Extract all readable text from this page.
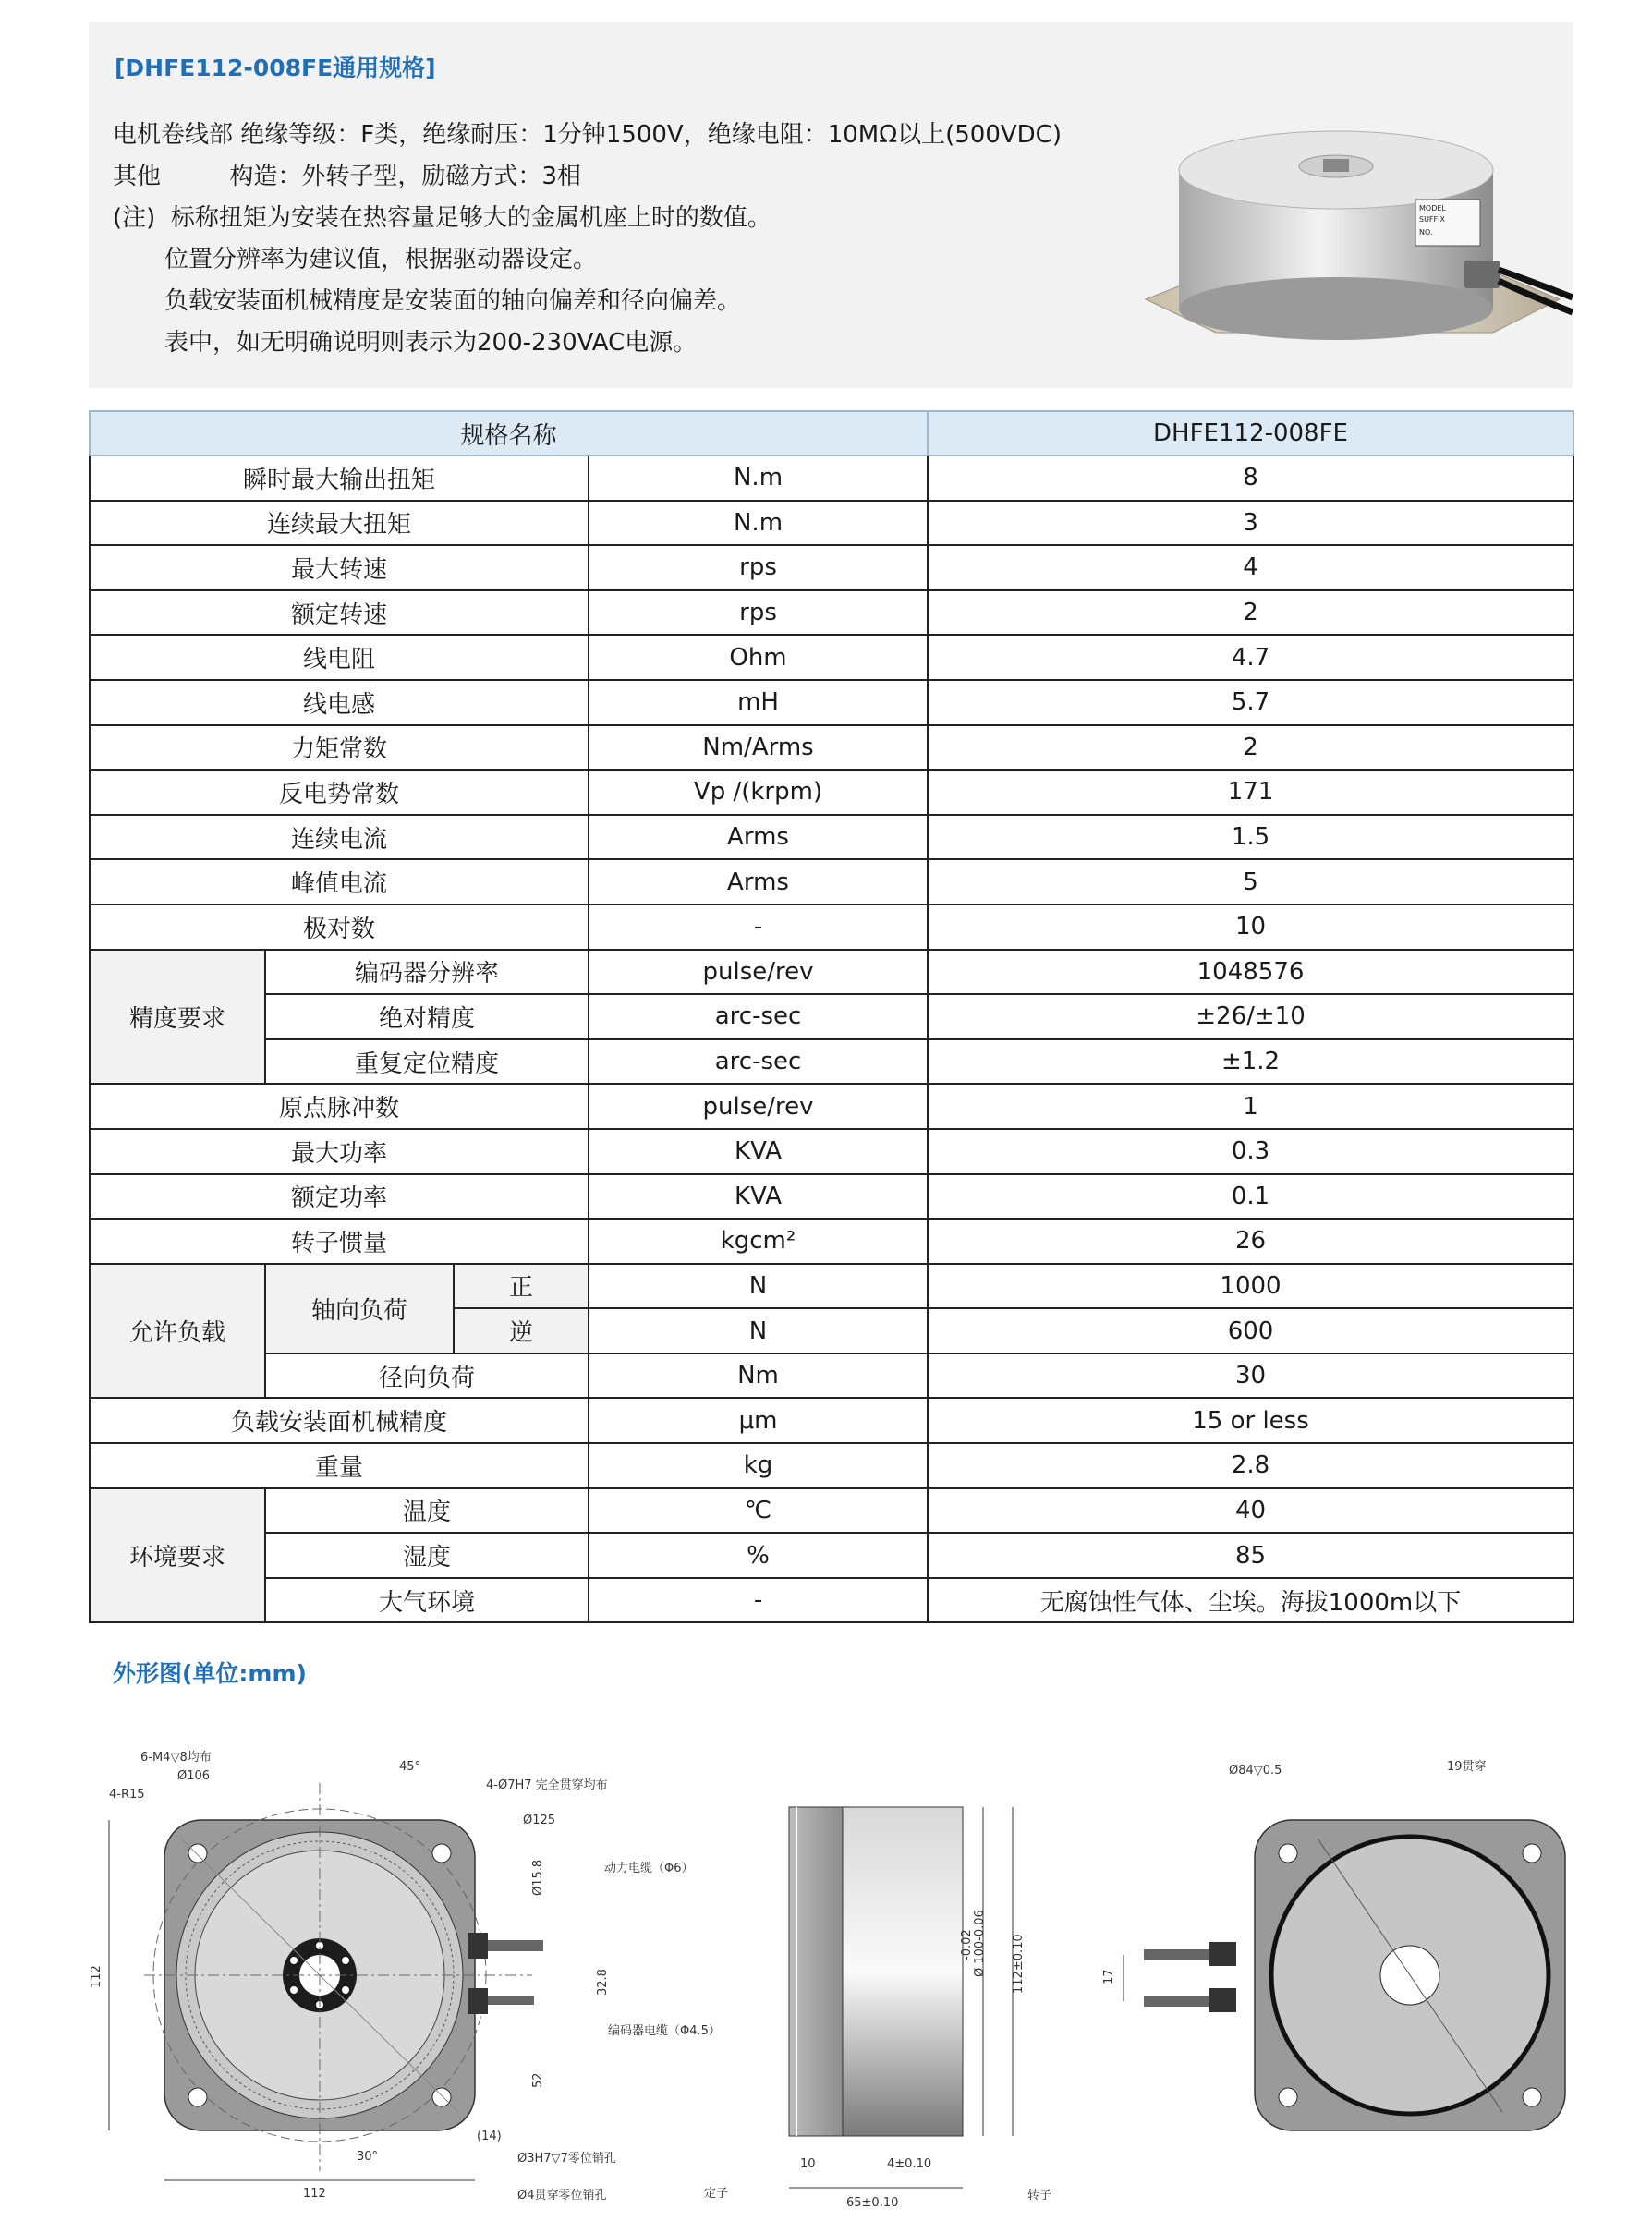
[DHFE112-008FE通用规格]
电机卷线部 绝缘等级：F类，绝缘耐压：1分钟1500V，绝缘电阻：10MΩ以上(500VDC)
其他         构造：外转子型，励磁方式：3相
(注)  标称扭矩为安装在热容量足够大的金属机座上时的数值。
位置分辨率为建议值，根据驱动器设定。
负载安装面机械精度是安装面的轴向偏差和径向偏差。
表中，如无明确说明则表示为200-230VAC电源。
MODEL
SUFFIX
NO.
规格名称				DHFE112-008FE
瞬时最大输出扭矩			N.m	8
连续最大扭矩			N.m	3
最大转速			rps	4
额定转速			rps	2
线电阻			Ohm	4.7
线电感			mH	5.7
力矩常数			Nm/Arms	2
反电势常数			Vp /(krpm)	171
连续电流			Arms	1.5
峰值电流			Arms	5
极对数			-	10
精度要求	编码器分辨率		pulse/rev	1048576
	绝对精度		arc-sec	±26/±10
	重复定位精度		arc-sec	±1.2
原点脉冲数			pulse/rev	1
最大功率			KVA	0.3
额定功率			KVA	0.1
转子惯量			kgcm²	26
允许负载	轴向负荷	正	N	1000
		逆	N	600
	径向负荷		Nm	30
负载安装面机械精度			μm	15 or less
重量			kg	2.8
环境要求	温度		℃	40
	湿度		%	85
	大气环境		-	无腐蚀性气体、尘埃。海拔1000m以下
外形图(单位:mm)
6-M4▽8均布
Ø106
4-R15
45°
4-Ø7H7 完全贯穿均布
Ø125
Ø15.8	动力电缆（Φ6）
32.8
编码器电缆（Φ4.5）
52
(14)
Ø3H7▽7零位销孔
30°
Ø4贯穿零位销孔
112
112	Ø 100-0.06
-0.02	112±0.10
定子
10	4±0.10
转子
65±0.10
Ø84▽0.5	19贯穿
17
